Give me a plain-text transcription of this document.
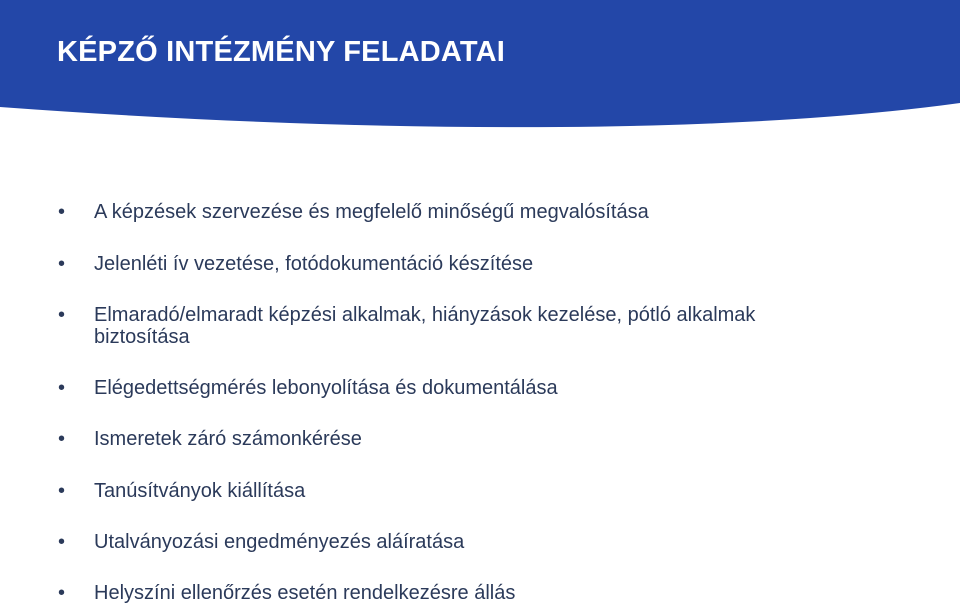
KÉPZŐ INTÉZMÉNY FELADATAI
• A képzések szervezése és megfelelő minőségű megvalósítása
• Jelenléti ív vezetése, fotódokumentáció készítése
• Elmaradó/elmaradt képzési alkalmak, hiányzások kezelése, pótló alkalmak biztosítása
• Elégedettségmérés lebonyolítása és dokumentálása
• Ismeretek záró számonkérése
• Tanúsítványok kiállítása
• Utalványozási engedményezés aláíratása
• Helyszíni ellenőrzés esetén rendelkezésre állás
